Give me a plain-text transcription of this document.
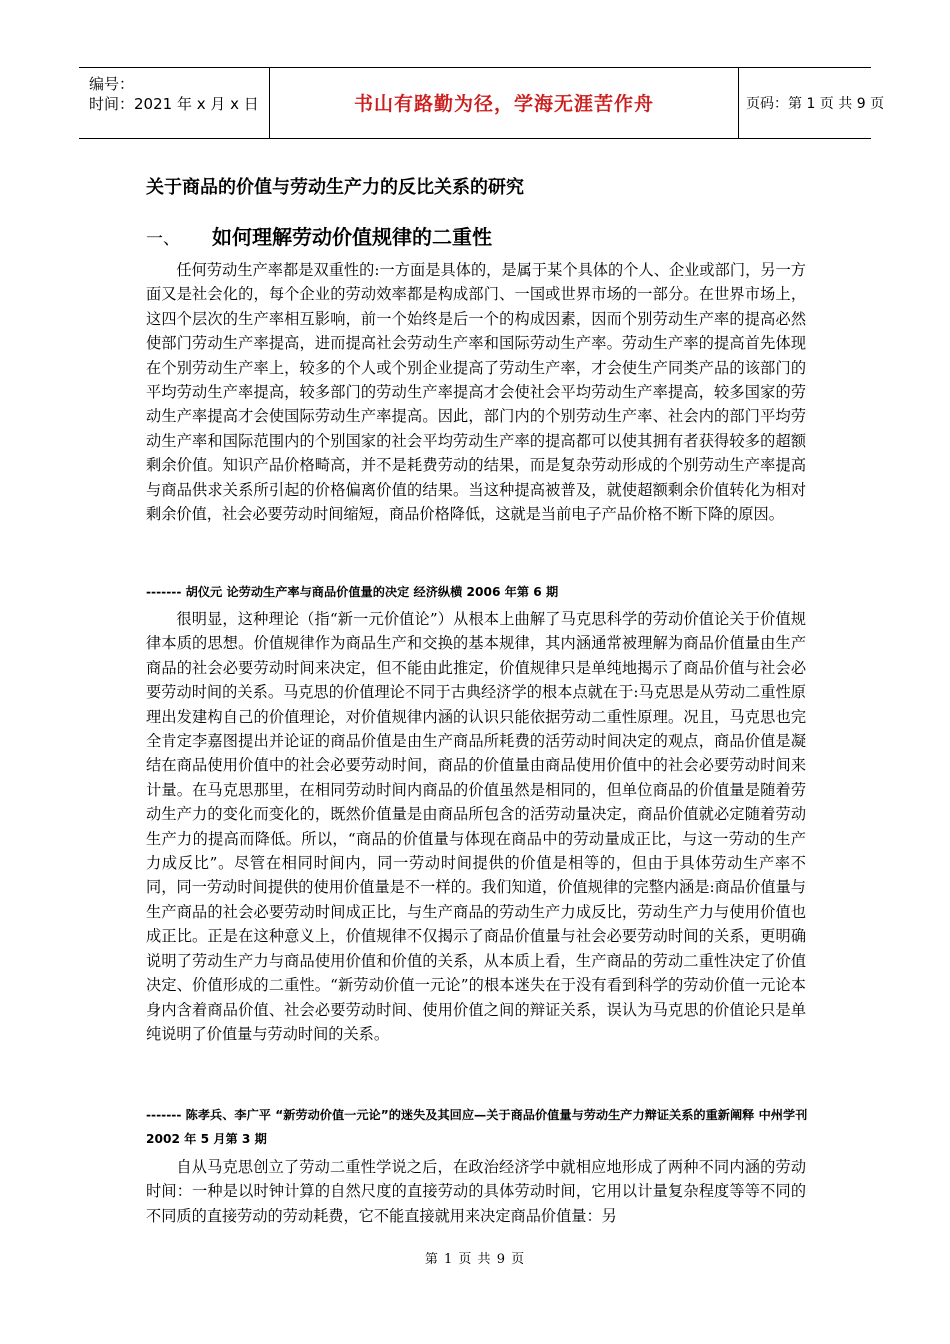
编号：
时间：2021 年 x 月 x 日	书山有路勤为径，学海无涯苦作舟	页码：第 1 页 共 9 页
关于商品的价值与劳动生产力的反比关系的研究
一、 如何理解劳动价值规律的二重性

任何劳动生产率都是双重性的:一方面是具体的，是属于某个具体的个人、企业或部门，另一方面又是社会化的，每个企业的劳动效率都是构成部门、一国或世界市场的一部分。在世界市场上，这四个层次的生产率相互影响，前一个始终是后一个的构成因素，因而个别劳动生产率的提高必然使部门劳动生产率提高，进而提高社会劳动生产率和国际劳动生产率。劳动生产率的提高首先体现在个别劳动生产率上，较多的个人或个别企业提高了劳动生产率，才会使生产同类产品的该部门的平均劳动生产率提高，较多部门的劳动生产率提高才会使社会平均劳动生产率提高，较多国家的劳动生产率提高才会使国际劳动生产率提高。因此，部门内的个别劳动生产率、社会内的部门平均劳动生产率和国际范围内的个别国家的社会平均劳动生产率的提高都可以使其拥有者获得较多的超额剩余价值。知识产品价格畸高，并不是耗费劳动的结果，而是复杂劳动形成的个别劳动生产率提高与商品供求关系所引起的价格偏离价值的结果。当这种提高被普及，就使超额剩余价值转化为相对剩余价值，社会必要劳动时间缩短，商品价格降低，这就是当前电子产品价格不断下降的原因。

------- 胡仪元 论劳动生产率与商品价值量的决定 经济纵横 2006 年第 6 期

很明显，这种理论（指“新一元价值论”）从根本上曲解了马克思科学的劳动价值论关于价值规律本质的思想。价值规律作为商品生产和交换的基本规律，其内涵通常被理解为商品价值量由生产商品的社会必要劳动时间来决定，但不能由此推定，价值规律只是单纯地揭示了商品价值与社会必要劳动时间的关系。马克思的价值理论不同于古典经济学的根本点就在于:马克思是从劳动二重性原理出发建构自己的价值理论，对价值规律内涵的认识只能依据劳动二重性原理。况且，马克思也完全肯定李嘉图提出并论证的商品价值是由生产商品所耗费的活劳动时间决定的观点，商品价值是凝结在商品使用价值中的社会必要劳动时间，商品的价值量由商品使用价值中的社会必要劳动时间来计量。在马克思那里，在相同劳动时间内商品的价值虽然是相同的，但单位商品的价值量是随着劳动生产力的变化而变化的，既然价值量是由商品所包含的活劳动量决定，商品价值就必定随着劳动生产力的提高而降低。所以，“商品的价值量与体现在商品中的劳动量成正比，与这一劳动的生产力成反比”。尽管在相同时间内，同一劳动时间提供的价值是相等的，但由于具体劳动生产率不同，同一劳动时间提供的使用价值量是不一样的。我们知道，价值规律的完整内涵是:商品价值量与生产商品的社会必要劳动时间成正比，与生产商品的劳动生产力成反比，劳动生产力与使用价值也成正比。正是在这种意义上，价值规律不仅揭示了商品价值量与社会必要劳动时间的关系，更明确说明了劳动生产力与商品使用价值和价值的关系，从本质上看，生产商品的劳动二重性决定了价值决定、价值形成的二重性。“新劳动价值一元论”的根本迷失在于没有看到科学的劳动价值一元论本身内含着商品价值、社会必要劳动时间、使用价值之间的辩证关系，误认为马克思的价值论只是单纯说明了价值量与劳动时间的关系。

------- 陈孝兵、李广平 “新劳动价值一元论”的迷失及其回应—关于商品价值量与劳动生产力辩证关系的重新阐释 中州学刊 2002 年 5 月第 3 期

自从马克思创立了劳动二重性学说之后，在政治经济学中就相应地形成了两种不同内涵的劳动时间：一种是以时钟计算的自然尺度的直接劳动的具体劳动时间，它用以计量复杂程度等等不同的不同质的直接劳动的劳动耗费，它不能直接就用来决定商品价值量：另

第 1 页 共 9 页
